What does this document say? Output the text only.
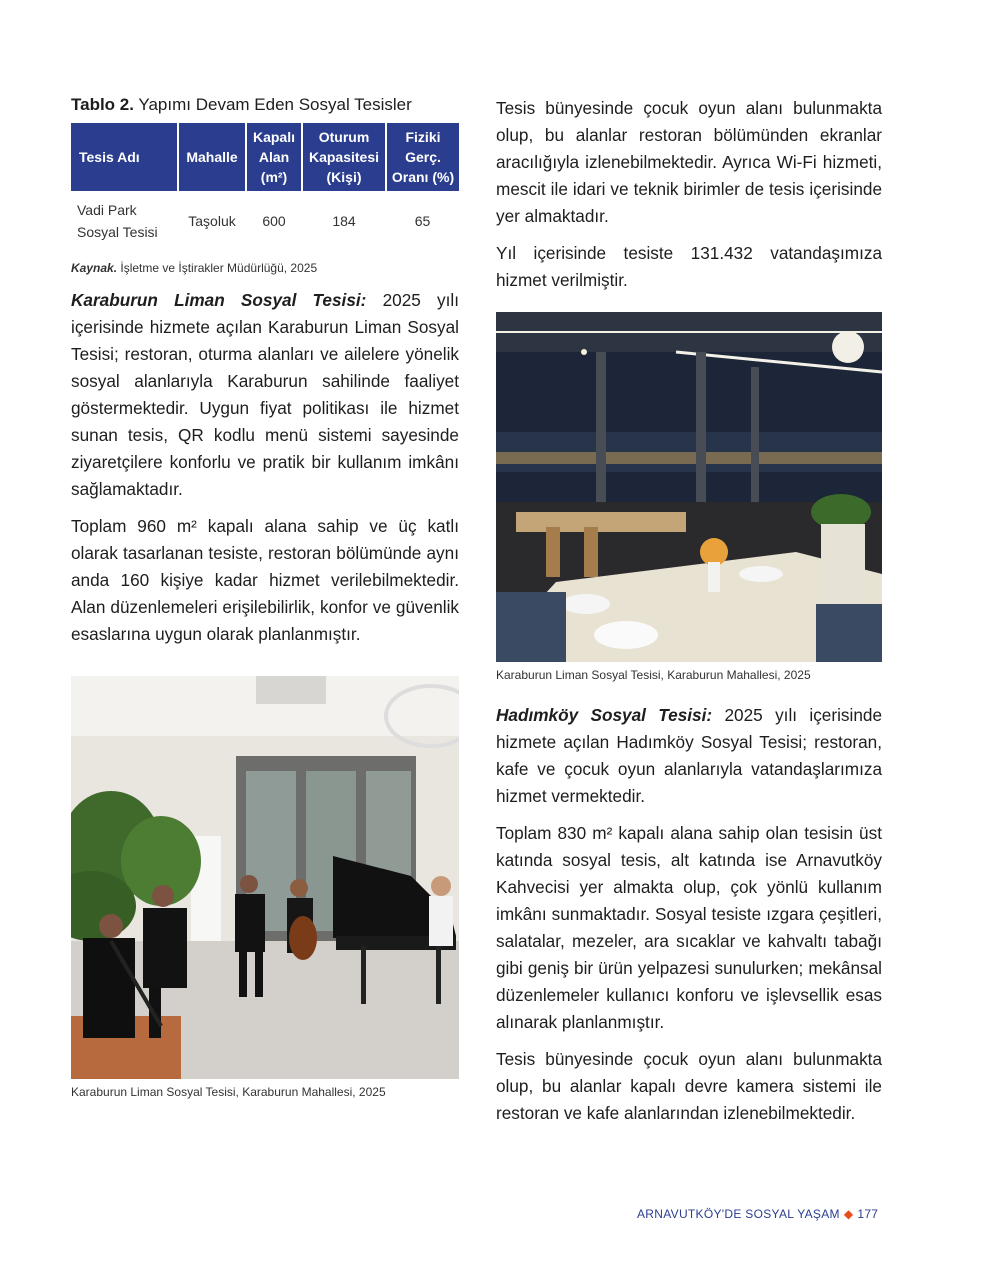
Tablo 2. Yapımı Devam Eden Sosyal Tesisler
Tesis Adı	Mahalle	Kapalı Alan (m²)	Oturum Kapasitesi (Kişi)	Fiziki Gerç. Oranı (%)
Vadi Park Sosyal Tesisi	Taşoluk	600	184	65
Kaynak. İşletme ve İştirakler Müdürlüğü, 2025

Karaburun Liman Sosyal Tesisi: 2025 yılı içerisinde hizmete açılan Karaburun Liman Sosyal Tesisi; restoran, oturma alanları ve ailelere yönelik sosyal alanlarıyla Karaburun sahilinde faaliyet göstermektedir. Uygun fiyat politikası ile hizmet sunan tesis, QR kodlu menü sistemi sayesinde ziyaretçilere konforlu ve pratik bir kullanım imkânı sağlamaktadır.

Toplam 960 m² kapalı alana sahip ve üç katlı olarak tasarlanan tesiste, restoran bölümünde aynı anda 160 kişiye kadar hizmet verilebilmektedir. Alan düzenlemeleri erişilebilirlik, konfor ve güvenlik esaslarına uygun olarak planlanmıştır.

Karaburun Liman Sosyal Tesisi, Karaburun Mahallesi, 2025

Tesis bünyesinde çocuk oyun alanı bulunmakta olup, bu alanlar restoran bölümünden ekranlar aracılığıyla izlenebilmektedir. Ayrıca Wi-Fi hizmeti, mescit ile idari ve teknik birimler de tesis içerisinde yer almaktadır.

Yıl içerisinde tesiste 131.432 vatandaşımıza hizmet verilmiştir.

Karaburun Liman Sosyal Tesisi, Karaburun Mahallesi, 2025

Hadımköy Sosyal Tesisi: 2025 yılı içerisinde hizmete açılan Hadımköy Sosyal Tesisi; restoran, kafe ve çocuk oyun alanlarıyla vatandaşlarımıza hizmet vermektedir.

Toplam 830 m² kapalı alana sahip olan tesisin üst katında sosyal tesis, alt katında ise Arnavutköy Kahvecisi yer almakta olup, çok yönlü kullanım imkânı sunmaktadır. Sosyal tesiste ızgara çeşitleri, salatalar, mezeler, ara sıcaklar ve kahvaltı tabağı gibi geniş bir ürün yelpazesi sunulurken; mekânsal düzenlemeler kullanıcı konforu ve işlevsellik esas alınarak planlanmıştır.

Tesis bünyesinde çocuk oyun alanı bulunmakta olup, bu alanlar kapalı devre kamera sistemi ile restoran ve kafe alanlarından izlenebilmektedir.

ARNAVUTKÖY'DE SOSYAL YAŞAM ◆ 177
